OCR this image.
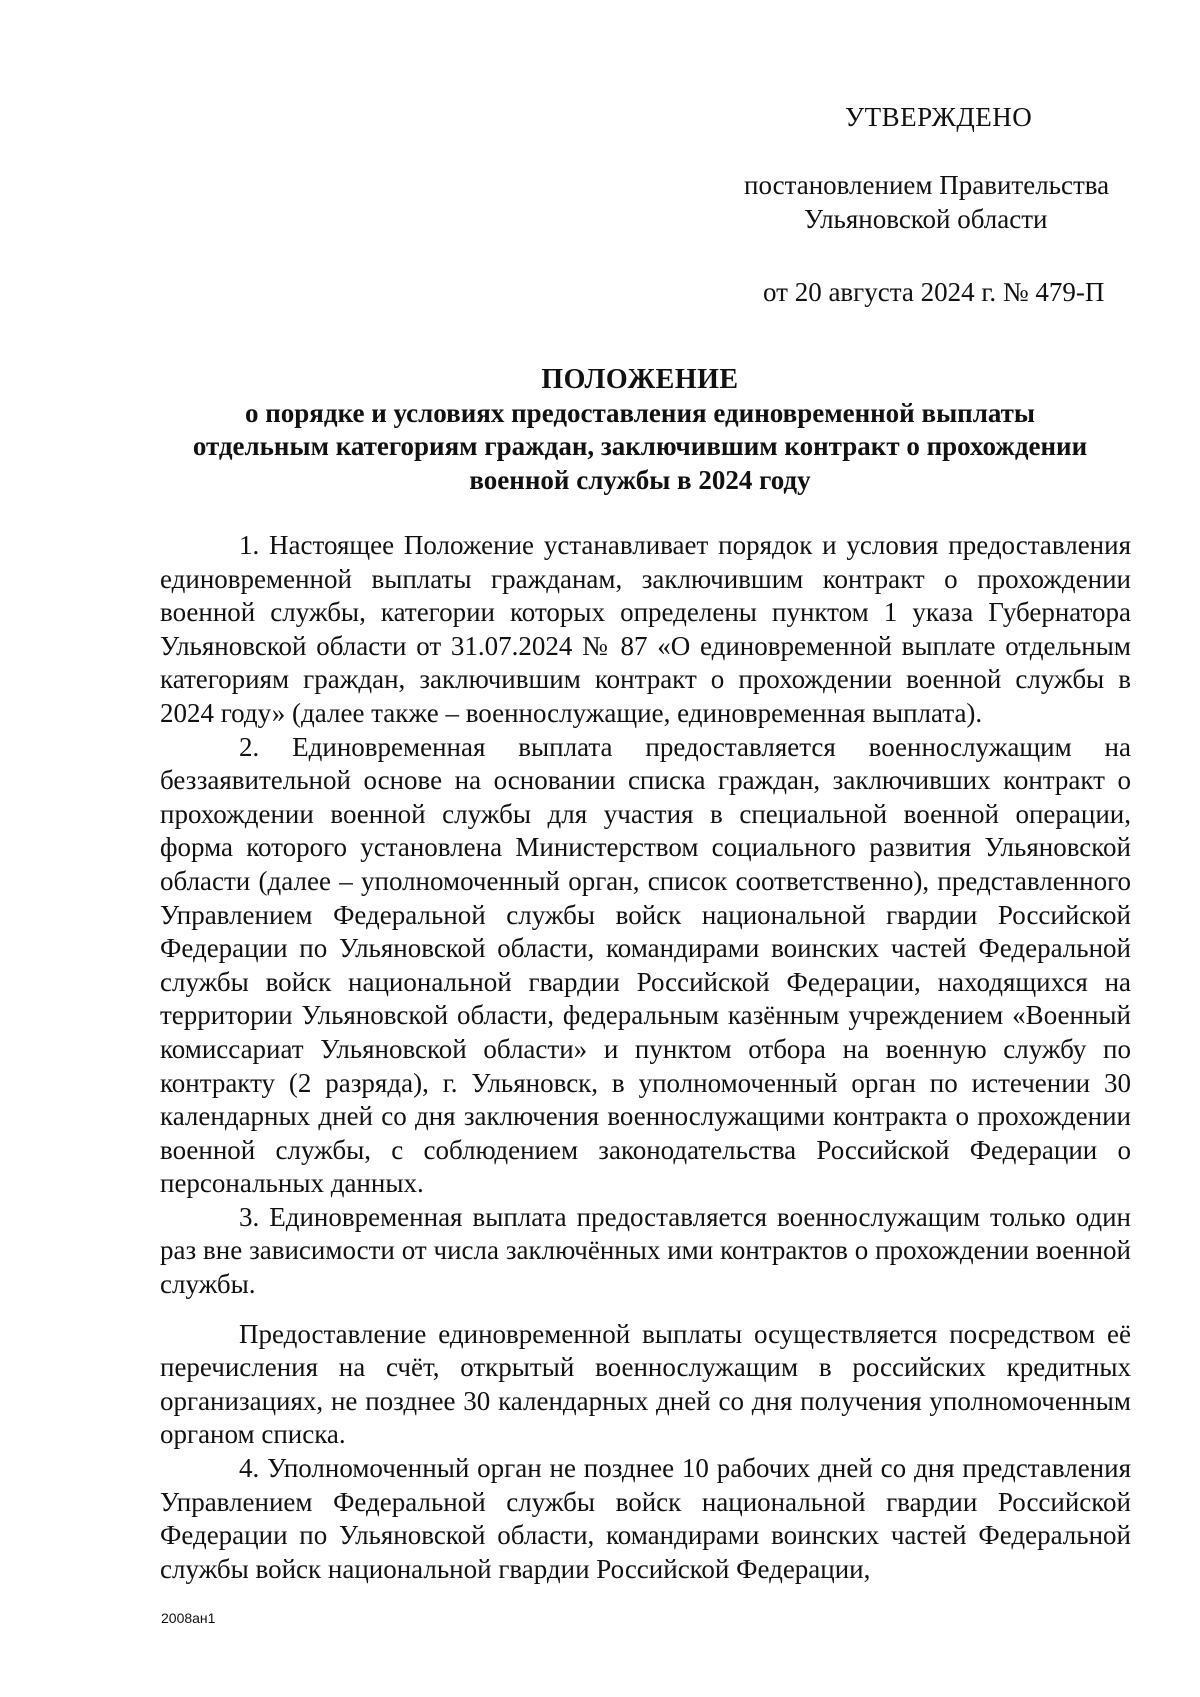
УТВЕРЖДЕНО
постановлением Правительства
Ульяновской области
от 20 августа 2024 г. № 479-П
ПОЛОЖЕНИЕ
о порядке и условиях предоставления единовременной выплаты
отдельным категориям граждан, заключившим контракт о прохождении
военной службы в 2024 году

1. Настоящее Положение устанавливает порядок и условия предоставления единовременной выплаты гражданам, заключившим контракт о прохождении военной службы, категории которых определены пунктом 1 указа Губернатора Ульяновской области от 31.07.2024 № 87 «О единовременной выплате отдельным категориям граждан, заключившим контракт о прохождении военной службы в 2024 году» (далее также – военнослужащие, единовременная выплата).

2. Единовременная выплата предоставляется военнослужащим на беззаявительной основе на основании списка граждан, заключивших контракт о прохождении военной службы для участия в специальной военной операции, форма которого установлена Министерством социального развития Ульяновской области (далее – уполномоченный орган, список соответственно), представленного Управлением Федеральной службы войск национальной гвардии Российской Федерации по Ульяновской области, командирами воинских частей Федеральной службы войск национальной гвардии Российской Федерации, находящихся на территории Ульяновской области, федеральным казённым учреждением «Военный комиссариат Ульяновской области» и пунктом отбора на военную службу по контракту (2 разряда), г. Ульяновск, в уполномоченный орган по истечении 30 календарных дней со дня заключения военнослужащими контракта о прохождении военной службы, с соблюдением законодательства Российской Федерации о персональных данных.

3. Единовременная выплата предоставляется военнослужащим только один раз вне зависимости от числа заключённых ими контрактов о прохождении военной службы.

Предоставление единовременной выплаты осуществляется посредством её перечисления на счёт, открытый военнослужащим в российских кредитных организациях, не позднее 30 календарных дней со дня получения уполномоченным органом списка.

4. Уполномоченный орган не позднее 10 рабочих дней со дня представления Управлением Федеральной службы войск национальной гвардии Российской Федерации по Ульяновской области, командирами воинских частей Федеральной службы войск национальной гвардии Российской Федерации,

2008ан1
